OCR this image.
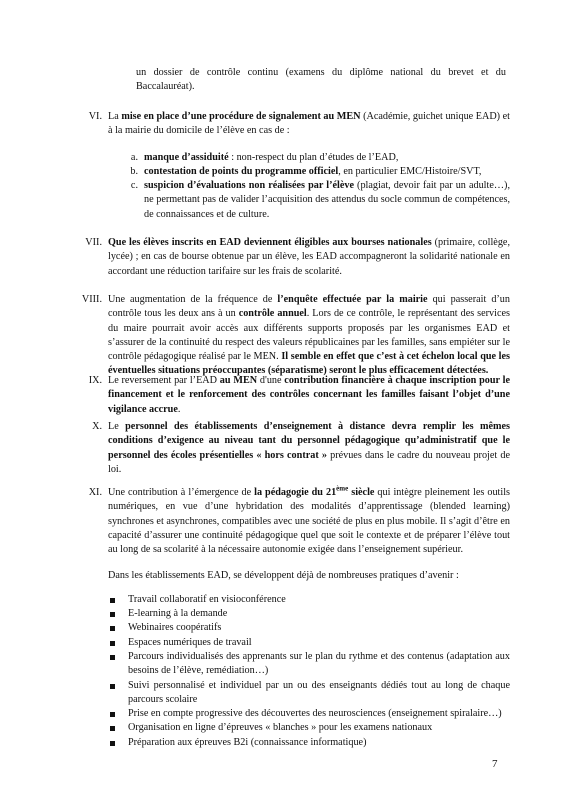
un dossier de contrôle continu (examens du diplôme national du brevet et du Baccalauréat).
VI. La mise en place d’une procédure de signalement au MEN (Académie, guichet unique EAD) et à la mairie du domicile de l’élève en cas de :
a. manque d’assiduité : non-respect du plan d’études de l’EAD,
b. contestation de points du programme officiel, en particulier EMC/Histoire/SVT,
c. suspicion d’évaluations non réalisées par l’élève (plagiat, devoir fait par un adulte…), ne permettant pas de valider l’acquisition des attendus du socle commun de compétences, de connaissances et de culture.
VII. Que les élèves inscrits en EAD deviennent éligibles aux bourses nationales (primaire, collège, lycée) ; en cas de bourse obtenue par un élève, les EAD accompagneront la solidarité nationale en accordant une réduction tarifaire sur les frais de scolarité.
VIII. Une augmentation de la fréquence de l’enquête effectuée par la mairie qui passerait d’un contrôle tous les deux ans à un contrôle annuel. Lors de ce contrôle, le représentant des services du maire pourrait avoir accès aux différents supports proposés par les organismes EAD et s’assurer de la continuité du respect des valeurs républicaines par les familles, sans empiéter sur le contrôle pédagogique réalisé par le MEN. Il semble en effet que c’est à cet échelon local que les éventuelles situations préoccupantes (séparatisme) seront le plus efficacement détectées.
IX. Le reversement par l’EAD au MEN d'une contribution financière à chaque inscription pour le financement et le renforcement des contrôles concernant les familles faisant l’objet d’une vigilance accrue.
X. Le personnel des établissements d’enseignement à distance devra remplir les mêmes conditions d’exigence au niveau tant du personnel pédagogique qu’administratif que le personnel des écoles présentielles « hors contrat » prévues dans le cadre du nouveau projet de loi.
XI. Une contribution à l’émergence de la pédagogie du 21ème siècle qui intègre pleinement les outils numériques, en vue d’une hybridation des modalités d’apprentissage (blended learning) synchrones et asynchrones, compatibles avec une société de plus en plus mobile. Il s’agit d’être en capacité d’assurer une continuité pédagogique quel que soit le contexte et de préparer l’élève tout au long de sa scolarité à la nécessaire autonomie exigée dans l’enseignement supérieur.
Dans les établissements EAD, se développent déjà de nombreuses pratiques d’avenir :
Travail collaboratif en visioconférence
E-learning à la demande
Webinaires coopératifs
Espaces numériques de travail
Parcours individualisés des apprenants sur le plan du rythme et des contenus (adaptation aux besoins de l’élève, remédiation…)
Suivi personnalisé et individuel par un ou des enseignants dédiés tout au long de chaque parcours scolaire
Prise en compte progressive des découvertes des neurosciences (enseignement spiralaire…)
Organisation en ligne d’épreuves « blanches » pour les examens nationaux
Préparation aux épreuves B2i (connaissance informatique)
7
